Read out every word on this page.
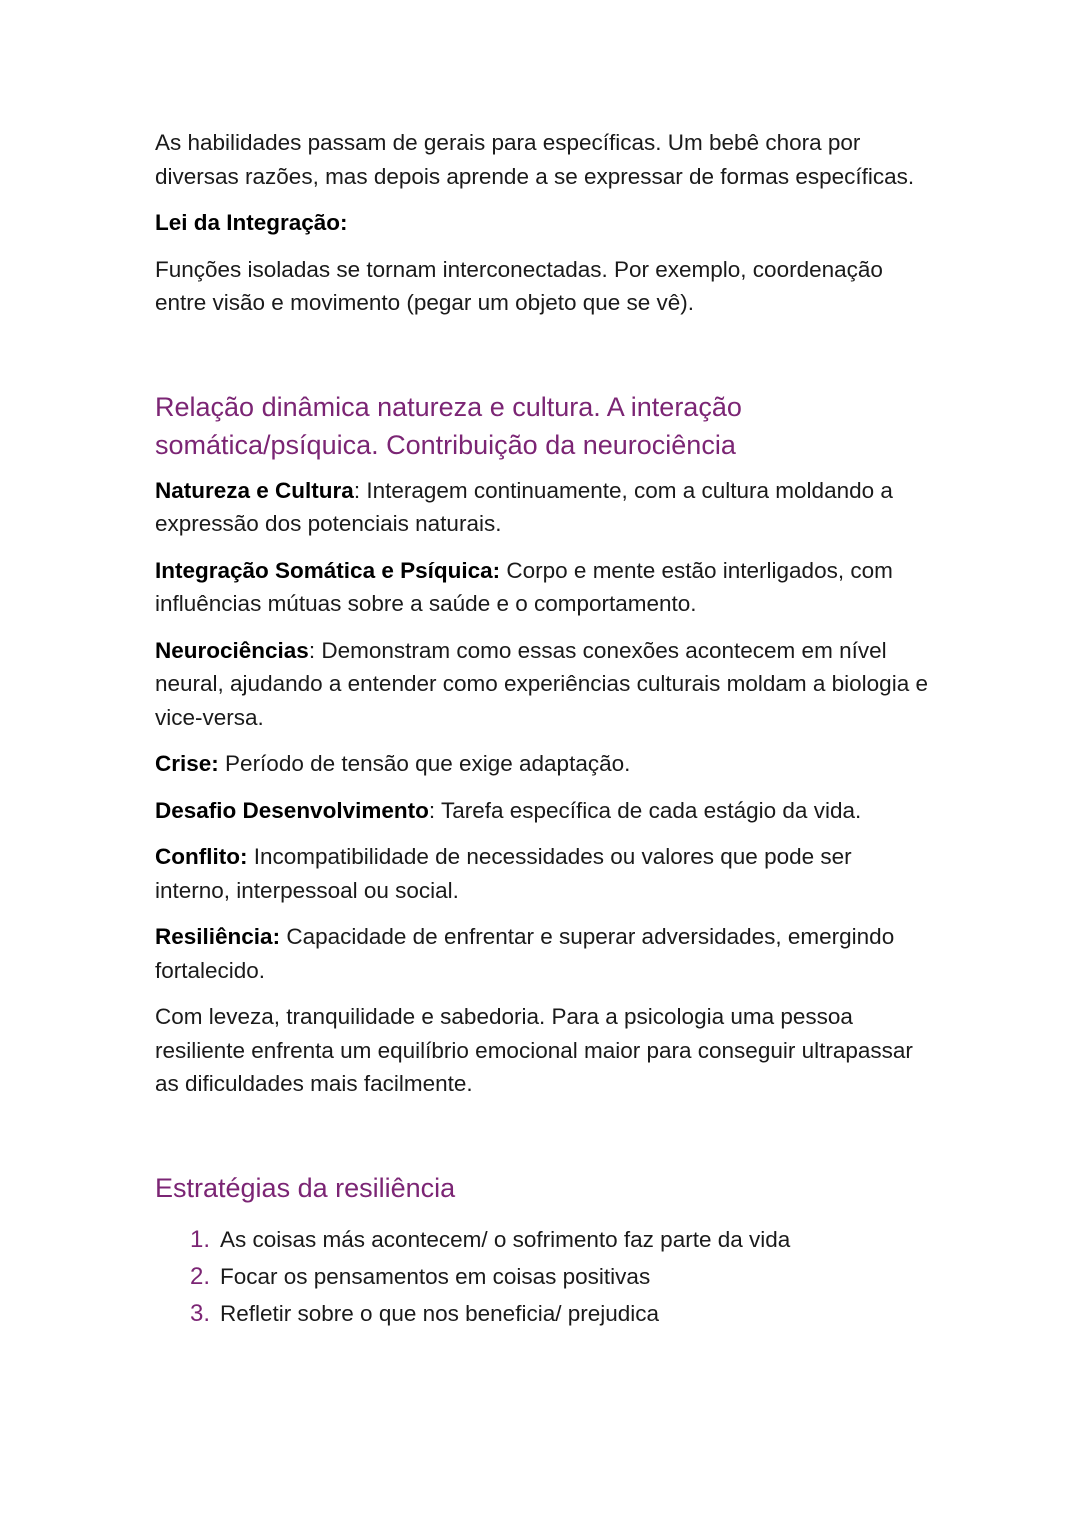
As habilidades passam de gerais para específicas. Um bebê chora por diversas razões, mas depois aprende a se expressar de formas específicas.

Lei da Integração:

Funções isoladas se tornam interconectadas. Por exemplo, coordenação entre visão e movimento (pegar um objeto que se vê).

Relação dinâmica natureza e cultura. A interação somática/psíquica. Contribuição da neurociência

Natureza e Cultura: Interagem continuamente, com a cultura moldando a expressão dos potenciais naturais.

Integração Somática e Psíquica: Corpo e mente estão interligados, com influências mútuas sobre a saúde e o comportamento.

Neurociências: Demonstram como essas conexões acontecem em nível neural, ajudando a entender como experiências culturais moldam a biologia e vice-versa.

Crise: Período de tensão que exige adaptação.

Desafio Desenvolvimento: Tarefa específica de cada estágio da vida.

Conflito: Incompatibilidade de necessidades ou valores que pode ser interno, interpessoal ou social.

Resiliência: Capacidade de enfrentar e superar adversidades, emergindo fortalecido.

Com leveza, tranquilidade e sabedoria. Para a psicologia uma pessoa resiliente enfrenta um equilíbrio emocional maior para conseguir ultrapassar as dificuldades mais facilmente.

Estratégias da resiliência
1. As coisas más acontecem/ o sofrimento faz parte da vida
2. Focar os pensamentos em coisas positivas
3. Refletir sobre o que nos beneficia/ prejudica
